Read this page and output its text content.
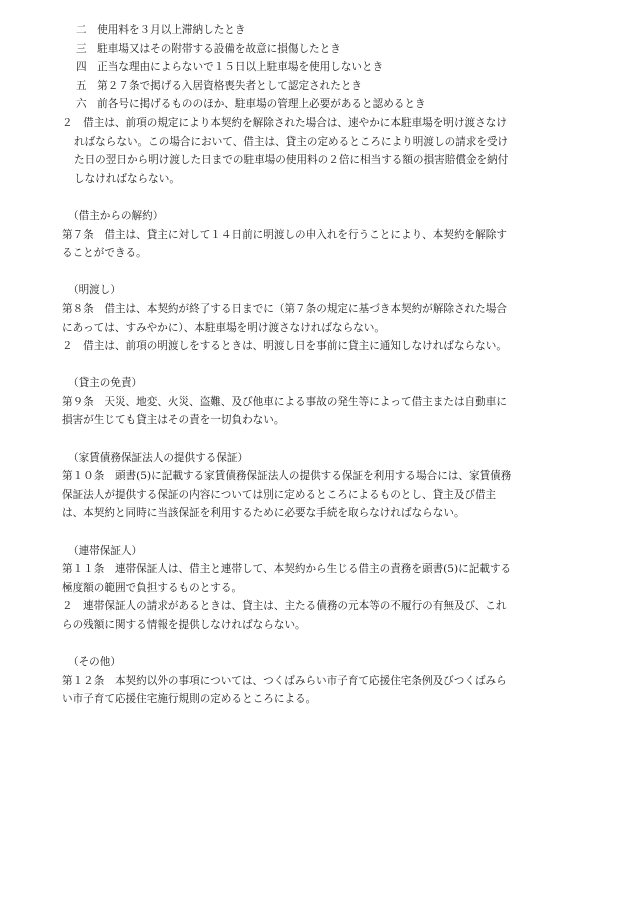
二　使用料を３月以上滞納したとき
三　駐車場又はその附帯する設備を故意に損傷したとき
四　正当な理由によらないで１５日以上駐車場を使用しないとき
五　第２７条で掲げる入居資格喪失者として認定されたとき
六　前各号に掲げるもののほか、駐車場の管理上必要があると認めるとき
２　借主は、前項の規定により本契約を解除された場合は、速やかに本駐車場を明け渡さなけ
ればならない。この場合において、借主は、貸主の定めるところにより明渡しの請求を受け
た日の翌日から明け渡した日までの駐車場の使用料の２倍に相当する額の損害賠償金を納付
しなければならない。
（借主からの解約）
第７条　借主は、貸主に対して１４日前に明渡しの申入れを行うことにより、本契約を解除す
ることができる。
（明渡し）
第８条　借主は、本契約が終了する日までに（第７条の規定に基づき本契約が解除された場合
にあっては、すみやかに）、本駐車場を明け渡さなければならない。
２　借主は、前項の明渡しをするときは、明渡し日を事前に貸主に通知しなければならない。
（貸主の免責）
第９条　天災、地変、火災、盗難、及び他車による事故の発生等によって借主または自動車に
損害が生じても貸主はその責を一切負わない。
（家賃債務保証法人の提供する保証）
第１０条　頭書(5)に記載する家賃債務保証法人の提供する保証を利用する場合には、家賃債務
保証法人が提供する保証の内容については別に定めるところによるものとし、貸主及び借主
は、本契約と同時に当該保証を利用するために必要な手続を取らなければならない。
（連帯保証人）
第１１条　連帯保証人は、借主と連帯して、本契約から生じる借主の責務を頭書(5)に記載する
極度額の範囲で負担するものとする。
２　連帯保証人の請求があるときは、貸主は、主たる債務の元本等の不履行の有無及び、これ
らの残額に関する情報を提供しなければならない。
（その他）
第１２条　本契約以外の事項については、つくばみらい市子育て応援住宅条例及びつくばみら
い市子育て応援住宅施行規則の定めるところによる。
